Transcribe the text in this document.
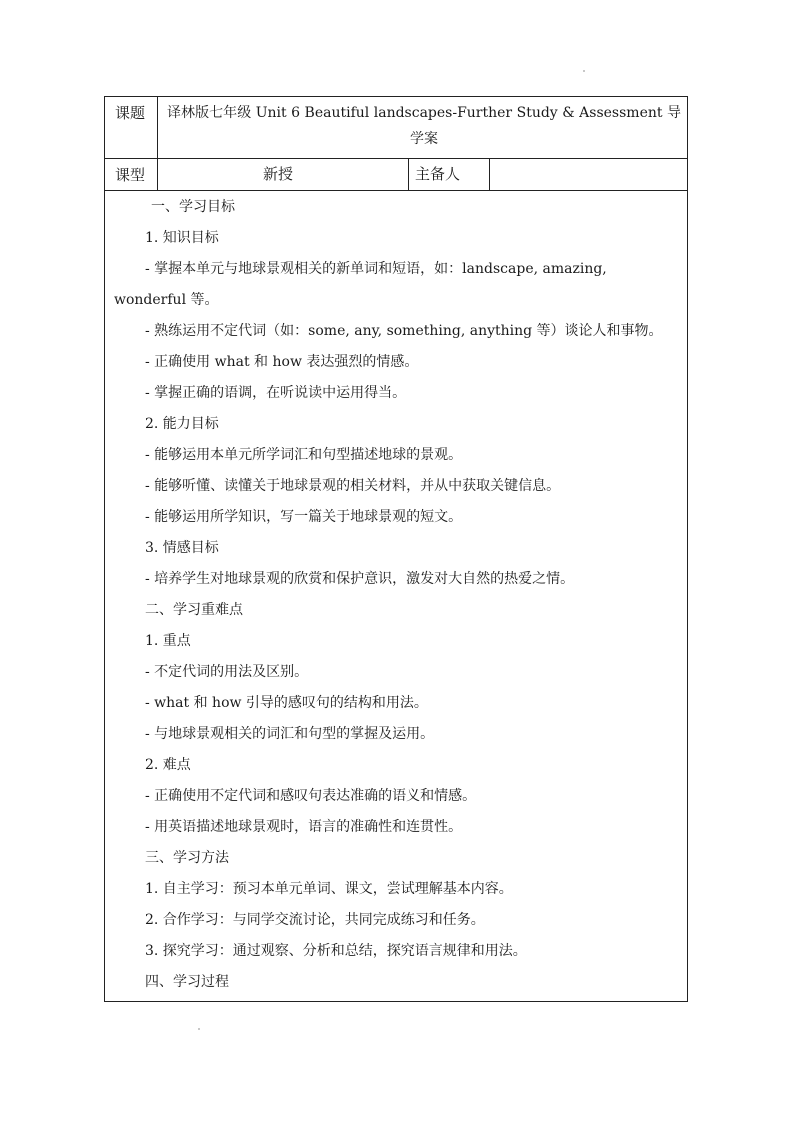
课题 译林版七年级 Unit 6 Beautiful landscapes-Further Study & Assessment 导
学案
课型	新授	主备人
一、学习目标
1. 知识目标
- 掌握本单元与地球景观相关的新单词和短语，如：landscape, amazing,
wonderful 等。
- 熟练运用不定代词（如：some, any, something, anything 等）谈论人和事物。
- 正确使用 what 和 how 表达强烈的情感。
- 掌握正确的语调，在听说读中运用得当。
2. 能力目标
- 能够运用本单元所学词汇和句型描述地球的景观。
- 能够听懂、读懂关于地球景观的相关材料，并从中获取关键信息。
- 能够运用所学知识，写一篇关于地球景观的短文。
3. 情感目标
- 培养学生对地球景观的欣赏和保护意识，激发对大自然的热爱之情。
二、学习重难点
1. 重点
- 不定代词的用法及区别。
- what 和 how 引导的感叹句的结构和用法。
- 与地球景观相关的词汇和句型的掌握及运用。
2. 难点
- 正确使用不定代词和感叹句表达准确的语义和情感。
- 用英语描述地球景观时，语言的准确性和连贯性。
三、学习方法
1. 自主学习：预习本单元单词、课文，尝试理解基本内容。
2. 合作学习：与同学交流讨论，共同完成练习和任务。
3. 探究学习：通过观察、分析和总结，探究语言规律和用法。
四、学习过程
